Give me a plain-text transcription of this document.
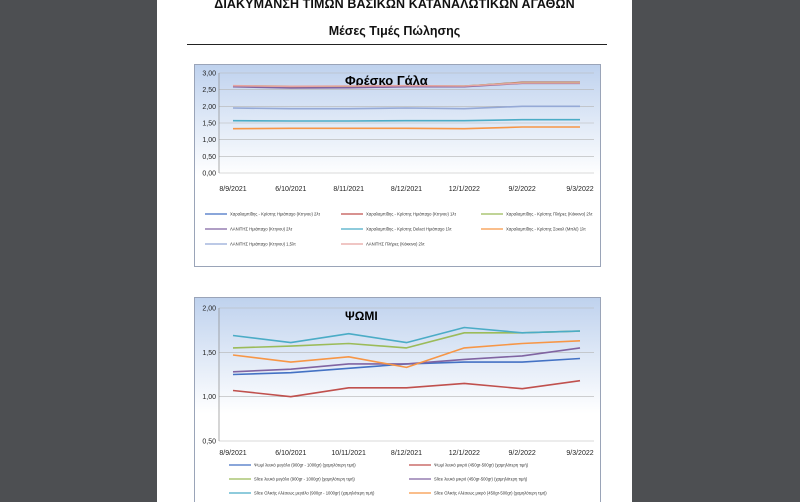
ΔΙΑΚΥΜΑΝΣΗ ΤΙΜΩΝ ΒΑΣΙΚΩΝ ΚΑΤΑΝΑΛΩΤΙΚΩΝ ΑΓΑΘΩΝ
Μέσες Τιμές Πώλησης
0,00
0,50
1,00
1,50
2,00
2,50
3,00	Φρέσκο Γάλα
8/9/2021	6/10/2021	8/11/2021	8/12/2021	12/1/2022	9/2/2022	9/3/2022
Χαραλαμπίδης - Κρίστης Ημιάπαχο (Κτηνου) 2λτ	Χαραλαμπίδης - Κρίστης Ημιάπαχο (Κτηνου) 1λτ	Χαραλαμπίδης - Κρίστης Πλήρες (Κόκκινο) 2λτ
ΛΑΝΙΤΗΣ Ημιάπαχο (Κτηνου) 2λτ	Χαραλαμπίδης - Κρίστης Delact Ημιάπαχο 1λτ	Χαραλαμπίδης - Κρίστης Σοκολ (Μπλέ) 1λτ
ΛΑΝΙΤΗΣ Ημιάπαχο (Κτηνου) 1,5λτ	ΛΑΝΙΤΗΣ Πλήρες (Κόκκινο) 2λτ
0,50
1,00
1,50
2,00	ΨΩΜΙ
8/9/2021	6/10/2021	10/11/2021	8/12/2021	12/1/2022	9/2/2022	9/3/2022
Ψωμί λευκό μεγάλο (900gr - 1000gr) (χαμηλότερη τιμή)	Ψωμί λευκό μικρό (450gr-500gr) (χαμηλότερη τιμή)
Slice λευκό μεγάλο (900gr - 1000gr) (χαμηλότερη τιμή)	Slice λευκό μικρό (450gr-500gr) (χαμηλότερη τιμή)
Slice Ολικής Αλέσεως μεγάλο (900gr - 1000gr) (χαμηλότερη τιμή)	Slice Ολικής Αλέσεως μικρό (450gr-500gr) (χαμηλότερη τιμή)
